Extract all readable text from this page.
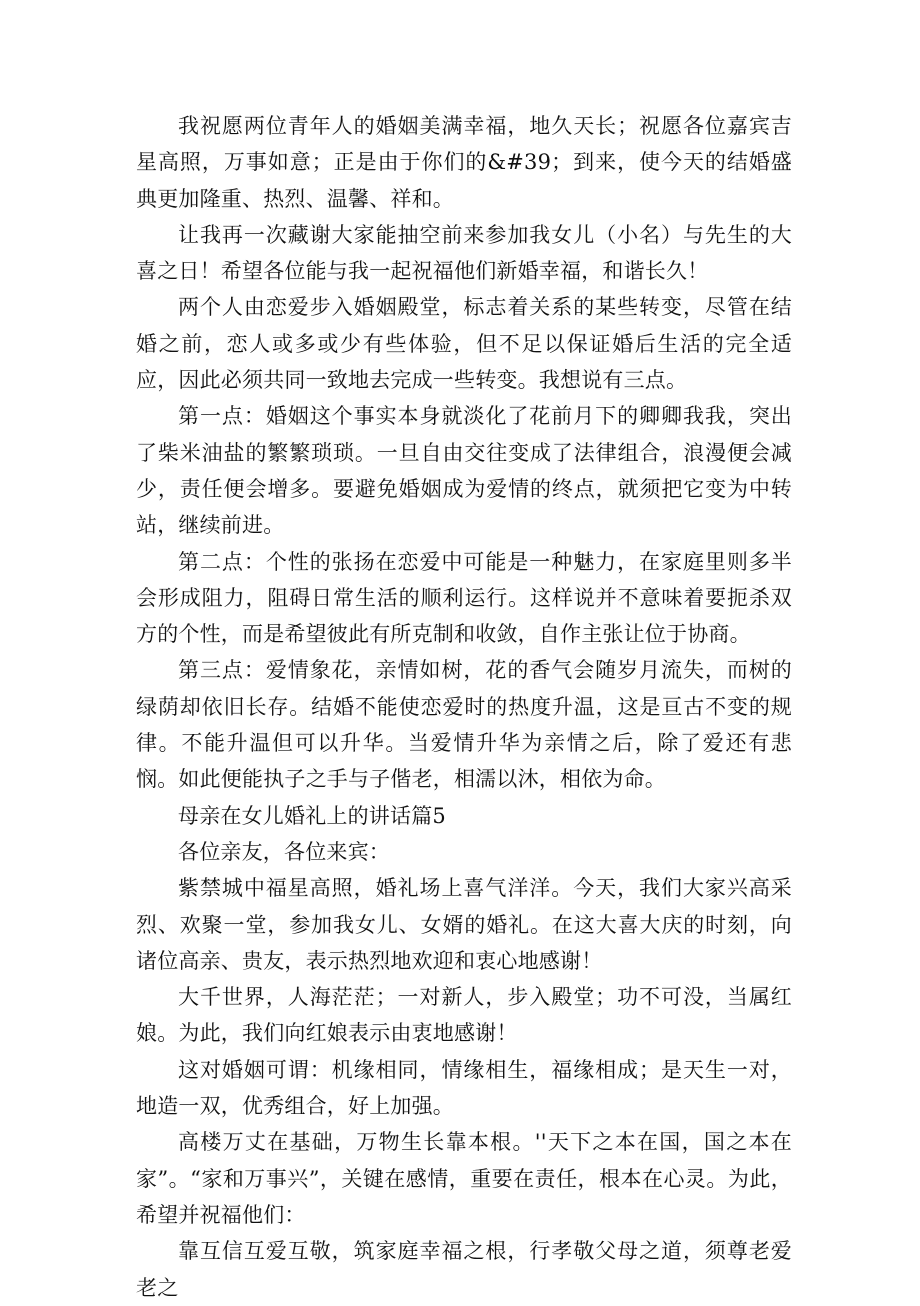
我祝愿两位青年人的婚姻美满幸福，地久天长；祝愿各位嘉宾吉星高照，万事如意；正是由于你们的&#39；到来，使今天的结婚盛典更加隆重、热烈、温馨、祥和。

让我再一次藏谢大家能抽空前来参加我女儿（小名）与先生的大喜之日！希望各位能与我一起祝福他们新婚幸福，和谐长久！

两个人由恋爱步入婚姻殿堂，标志着关系的某些转变，尽管在结婚之前，恋人或多或少有些体验，但不足以保证婚后生活的完全适应，因此必须共同一致地去完成一些转变。我想说有三点。

第一点：婚姻这个事实本身就淡化了花前月下的卿卿我我，突出了柴米油盐的繁繁琐琐。一旦自由交往变成了法律组合，浪漫便会减少，责任便会增多。要避免婚姻成为爱情的终点，就须把它变为中转站，继续前进。

第二点：个性的张扬在恋爱中可能是一种魅力，在家庭里则多半会形成阻力，阻碍日常生活的顺利运行。这样说并不意味着要扼杀双方的个性，而是希望彼此有所克制和收敛，自作主张让位于协商。

第三点：爱情象花，亲情如树，花的香气会随岁月流失，而树的绿荫却依旧长存。结婚不能使恋爱时的热度升温，这是亘古不变的规律。不能升温但可以升华。当爱情升华为亲情之后，除了爱还有悲悯。如此便能执子之手与子偕老，相濡以沐，相依为命。

母亲在女儿婚礼上的讲话篇5

各位亲友，各位来宾：

紫禁城中福星高照，婚礼场上喜气洋洋。今天，我们大家兴高采烈、欢聚一堂，参加我女儿、女婿的婚礼。在这大喜大庆的时刻，向诸位高亲、贵友，表示热烈地欢迎和衷心地感谢！

大千世界，人海茫茫；一对新人，步入殿堂；功不可没，当属红娘。为此，我们向红娘表示由衷地感谢！

这对婚姻可谓：机缘相同，情缘相生，福缘相成；是天生一对，地造一双，优秀组合，好上加强。

高楼万丈在基础，万物生长靠本根。''天下之本在国，国之本在家”。“家和万事兴”，关键在感情，重要在责任，根本在心灵。为此，希望并祝福他们：

靠互信互爱互敬，筑家庭幸福之根，行孝敬父母之道，须尊老爱老之
